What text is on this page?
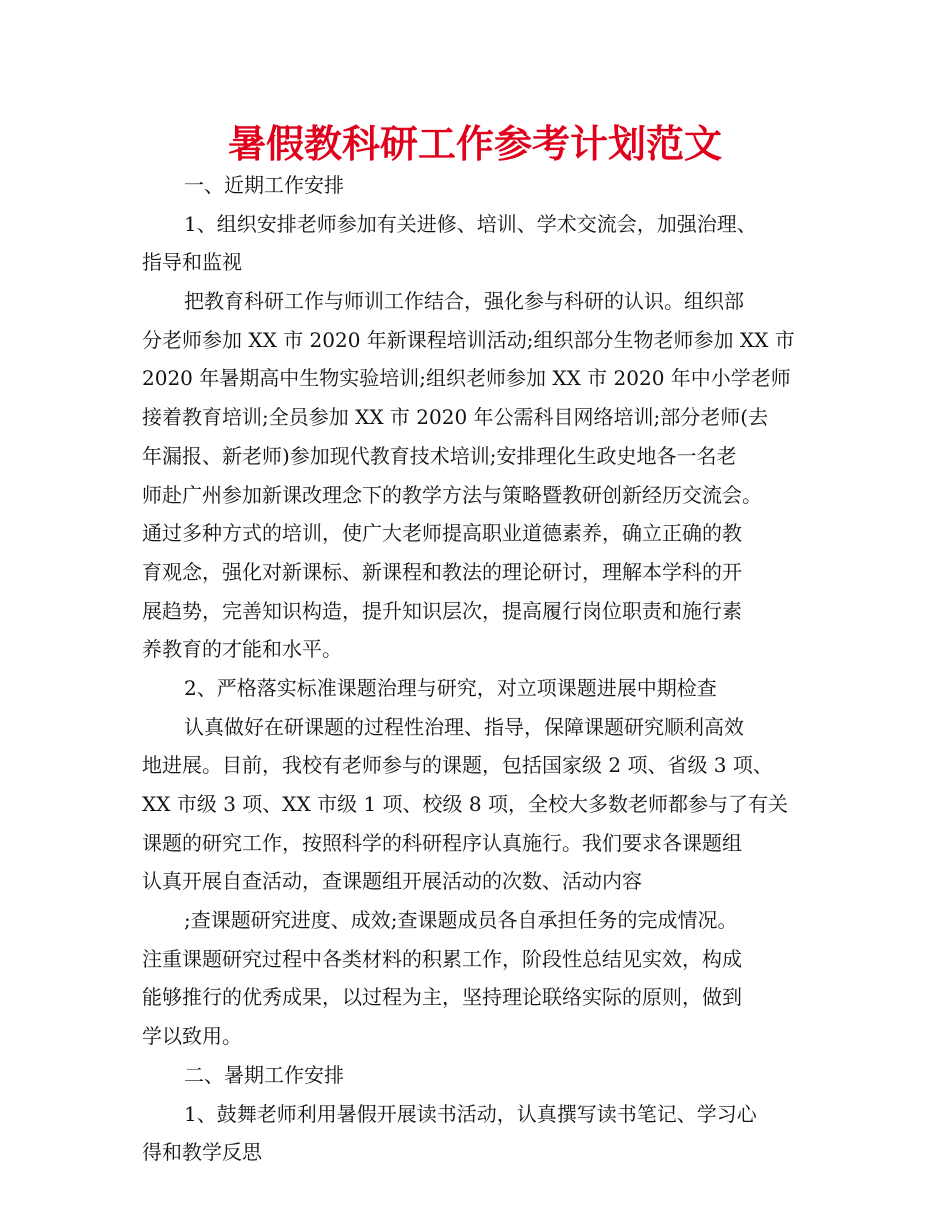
暑假教科研工作参考计划范文
一、近期工作安排
1、组织安排老师参加有关进修、培训、学术交流会，加强治理、
指导和监视
把教育科研工作与师训工作结合，强化参与科研的认识。组织部
分老师参加 XX 市 2020 年新课程培训活动;组织部分生物老师参加 XX 市
2020 年暑期高中生物实验培训;组织老师参加 XX 市 2020 年中小学老师
接着教育培训;全员参加 XX 市 2020 年公需科目网络培训;部分老师(去
年漏报、新老师)参加现代教育技术培训;安排理化生政史地各一名老
师赴广州参加新课改理念下的教学方法与策略暨教研创新经历交流会。
通过多种方式的培训，使广大老师提高职业道德素养，确立正确的教
育观念，强化对新课标、新课程和教法的理论研讨，理解本学科的开
展趋势，完善知识构造，提升知识层次，提高履行岗位职责和施行素
养教育的才能和水平。
2、严格落实标准课题治理与研究，对立项课题进展中期检查
认真做好在研课题的过程性治理、指导，保障课题研究顺利高效
地进展。目前，我校有老师参与的课题，包括国家级 2 项、省级 3 项、
XX 市级 3 项、XX 市级 1 项、校级 8 项，全校大多数老师都参与了有关
课题的研究工作，按照科学的科研程序认真施行。我们要求各课题组
认真开展自查活动，查课题组开展活动的次数、活动内容
;查课题研究进度、成效;查课题成员各自承担任务的完成情况。
注重课题研究过程中各类材料的积累工作，阶段性总结见实效，构成
能够推行的优秀成果，以过程为主，坚持理论联络实际的原则，做到
学以致用。
二、暑期工作安排
1、鼓舞老师利用暑假开展读书活动，认真撰写读书笔记、学习心
得和教学反思
